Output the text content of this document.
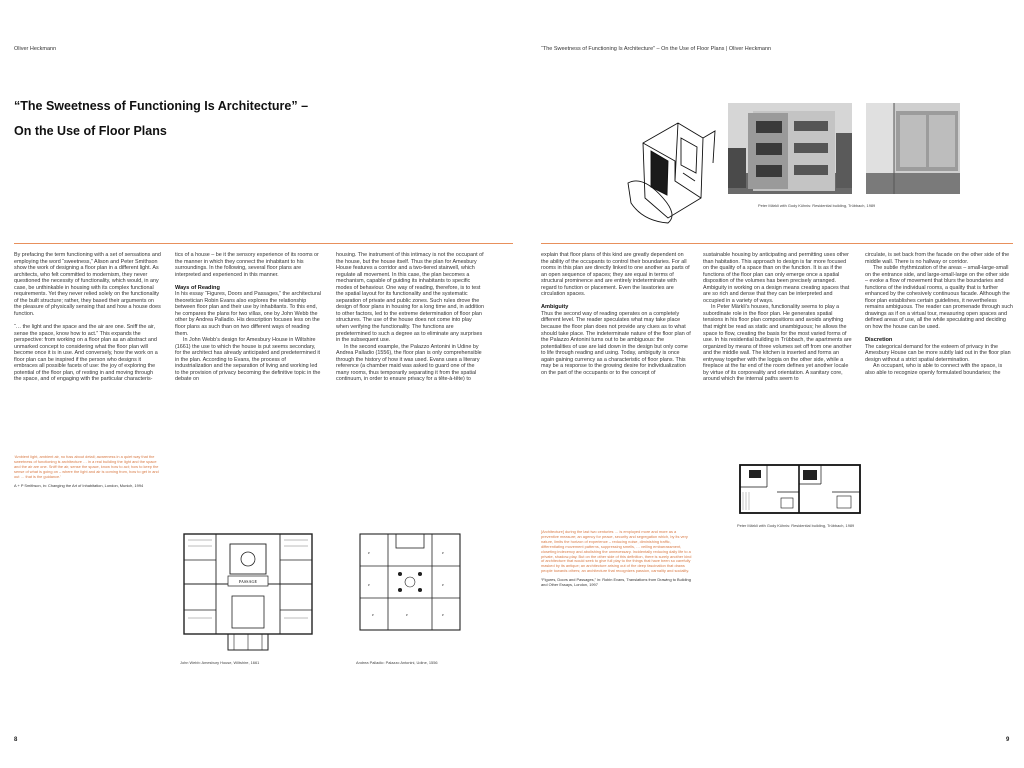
Oliver Heckmann	“The Sweetness of Functioning Is Architecture” – On the Use of Floor Plans | Oliver Heckmann
“The Sweetness of Functioning Is Architecture” –
On the Use of Floor Plans
Peter Märkli with Gody Kühnis: Residential building, Trübbach, 1989

By prefacing the term functioning with a set of sensations and employing the word “sweetness,” Alison and Peter Smithson show the work of designing a floor plan in a different light. As architects, who felt committed to modernism, they never questioned the necessity of functionality, which would, in any case, be unthinkable in housing with its complex functional requirements. Yet they never relied solely on the functionality of the built structure; rather, they based their arguments on the pleasure of physically sensing that and how a house does function.

“… the light and the space and the air are one. Sniff the air, sense the space, know how to act.” This expands the perspective: from working on a floor plan as an abstract and unmarked concept to considering what the floor plan will become once it is in use. And conversely, how the work on a floor plan can be inspired if the person who designs it embraces all possible facets of use: the joy of exploring the potential of the floor plan, of resting in and moving through the space, and of engaging with the particular characteris-

tics of a house – be it the sensory experience of its rooms or the manner in which they connect the inhabitant to his surroundings. In the following, several floor plans are interpreted and experienced in this manner.

Ways of Reading

In his essay “Figures, Doors and Passages,” the architectural theoretician Robin Evans also explores the relationship between floor plan and their use by inhabitants. To this end, he compares the plans for two villas, one by John Webb the other by Andrea Palladio. His description focuses less on the floor plans as such than on two different ways of reading them.

In John Webb’s design for Amesbury House in Wiltshire (1661) the use to which the house is put seems secondary, for the architect has already anticipated and predetermined it in the plan. According to Evans, the process of industrialization and the separation of living and working led to the provision of privacy becoming the definitive topic in the debate on

housing. The instrument of this intimacy is not the occupant of the house, but the house itself. Thus the plan for Amesbury House features a corridor and a two-tiered stairwell, which regulate all movement. In this case, the plan becomes a mechanism, capable of guiding its inhabitants to specific modes of behaviour. One way of reading, therefore, is to test the spatial layout for its functionality and the systematic separation of private and public zones. Such rules drove the design of floor plans in housing for a long time and, in addition to other factors, led to the extreme determination of floor plan structures. The use of the house does not come into play when verifying the functionality. The functions are predetermined to such a degree as to eliminate any surprises in the subsequent use.

In the second example, the Palazzo Antonini in Udine by Andrea Palladio (1556), the floor plan is only comprehensible through the history of how it was used. Evans uses a literary reference (a chamber maid was asked to guard one of the many rooms, thus temporarily separating it from the spatial continuum, in order to ensure privacy for a tête-à-tête) to

explain that floor plans of this kind are greatly dependent on the ability of the occupants to control their boundaries. For all rooms in this plan are directly linked to one another as parts of an open sequence of spaces; they are equal in terms of structural prominence and are entirely indeterminate with regard to function or placement. Even the lavatories are circulation spaces.

Ambiguity

Thus the second way of reading operates on a completely different level. The reader speculates what may take place because the floor plan does not provide any clues as to what should take place. The indeterminate nature of the floor plan of the Palazzo Antonini turns out to be ambiguous: the potentialities of use are laid down in the design but only come to life through reading and using. Today, ambiguity is once again gaining currency as a characteristic of floor plans. This may be a response to the growing desire for individualization on the part of the occupants or to the concept of

sustainable housing by anticipating and permitting uses other than habitation. This approach to design is far more focused on the quality of a space than on the function. It is as if the functions of the floor plan can only emerge once a spatial disposition of the volumes has been precisely arranged. Ambiguity in working on a design means creating spaces that are so rich and dense that they can be interpreted and occupied in a variety of ways.

In Peter Märkli’s houses, functionality seems to play a subordinate role in the floor plan. He generates spatial tensions in his floor plan compositions and avoids anything that might be read as static and unambiguous; he allows the space to flow, creating the basis for the most varied forms of use. In his residential building in Trübbach, the apartments are organized by means of three volumes set off from one another and the middle wall. The kitchen is inserted and forms an entryway together with the loggia on the other side, while a fireplace at the far end of the room defines yet another locale by virtue of its corporeality and orientation. A sanitary core, around which the internal paths seem to

circulate, is set back from the facade on the other side of the middle wall. There is no hallway or corridor.

The subtle rhythmization of the areas – small-large-small on the entrance side, and large-small-large on the other side – evoke a flow of movement that blurs the boundaries and functions of the individual rooms, a quality that is further enhanced by the cohesively continuous facade. Although the floor plan establishes certain guidelines, it nevertheless remains ambiguous. The reader can promenade through such drawings as if on a virtual tour, measuring open spaces and defined areas of use, all the while speculating and deciding on how the house can be used.

Discretion

The categorical demand for the esteem of privacy in the Amesbury House can be more subtly laid out in the floor plan design without a strict spatial determination.

An occupant, who is able to connect with the space, is also able to recognize openly formulated boundaries; the

‘Ambient light, ambient air, no fuss about detail; awareness in a quiet way that the sweetness of functioning is architecture … in a real building the light and the space and the air are one. Sniff the air, sense the space, know how to act; how to keep the sense of what is going on – where the light and air is coming from, how to get in and out … that is the guidance.’

A + P Smithson, in: Changing the Art of Inhabitation, London, Munich, 1994

[Architecture] during the last two centuries … is employed more and more as a preventive measure; an agency for peace, security and segregation which, by its very nature, limits the horizon of experience – reducing noise, diminishing traffic, differentiating movement patterns, suppressing smells, … veiling embarrassment, closeting indecency and abolishing the unnecessary. Incidentally reducing daily life to a private, shadow-play. But on the other side of this definition, there is surely another kind of architecture that would seek to give full play to the things that have been so carefully masked by its antique; an architecture arising out of the deep fascination that draws people towards others; an architecture that recognizes passion, carnality and sociality.

“Figures, Doors and Passages,” in: Robin Evans, Translations from Drawing to Building and Other Essays, London, 1997

PASSAGE
John Webb: Amesbury House, Wiltshire, 1661
P	P
P	P
P	P
P
Andrea Palladio: Palazzo Antonini, Udine, 1556
Peter Märkli with Gody Kühnis: Residential building, Trübbach, 1989
8	9
